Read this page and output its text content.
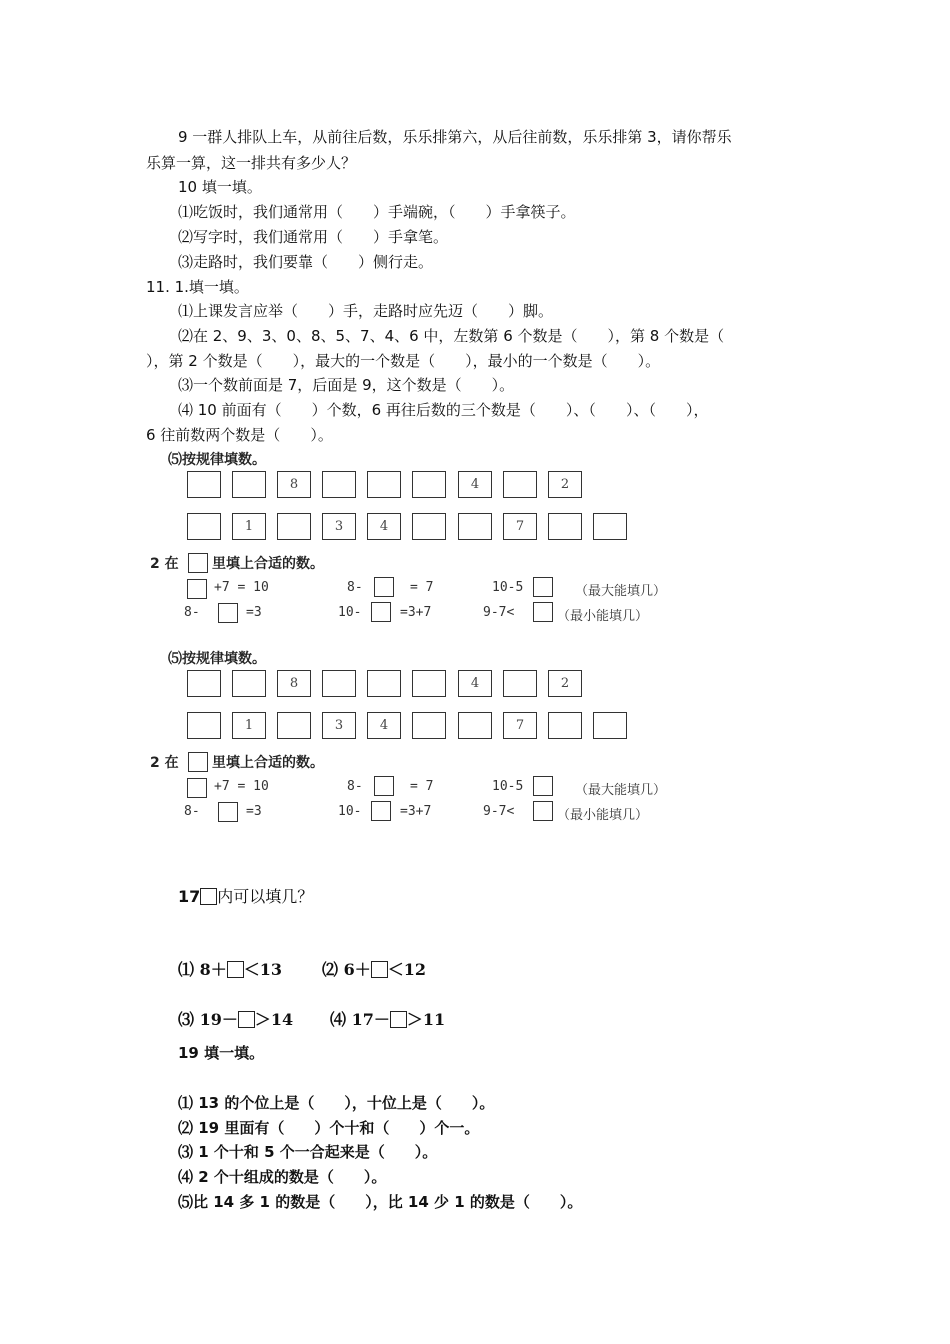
9 一群人排队上车，从前往后数，乐乐排第六，从后往前数，乐乐排第 3，请你帮乐
乐算一算，这一排共有多少人？
10 填一填。
⑴吃饭时，我们通常用（　　）手端碗，（　　）手拿筷子。
⑵写字时，我们通常用（　　）手拿笔。
⑶走路时，我们要靠（　　）侧行走。
11. 1.填一填。
⑴上课发言应举（　　）手，走路时应先迈（　　）脚。
⑵在 2、9、3、0、8、5、7、4、6 中，左数第 6 个数是（　　），第 8 个数是（
），第 2 个数是（　　），最大的一个数是（　　），最小的一个数是（　　）。
⑶一个数前面是 7，后面是 9，这个数是（　　）。
⑷ 10 前面有（　　）个数，6 再往后数的三个数是（　　）、（　　）、（　　），
6 往前数两个数是（　　）。
⑸按规律填数。
8	4	2
1	3	4	7
2 在 里填上合适的数。
+7 = 10	8-	= 7	10-5	（最大能填几）
8-	=3	10-	=3+7	9-7<	（最小能填几）
⑸按规律填数。
8	4	2
1	3	4	7
2 在 里填上合适的数。
+7 = 10	8-	= 7	10-5	（最大能填几）
8-	=3	10-	=3+7	9-7<	（最小能填几）
17 内可以填几？
⑴ 8＋ ＜13	⑵ 6＋ ＜12
⑶ 19－ ＞14 ⑷ 17－ ＞11
19 填一填。
⑴ 13 的个位上是（　　），十位上是（　　）。
⑵ 19 里面有（　　）个十和（　　）个一。
⑶ 1 个十和 5 个一合起来是（　　）。
⑷ 2 个十组成的数是（　　）。
⑸比 14 多 1 的数是（　　），比 14 少 1 的数是（　　）。
